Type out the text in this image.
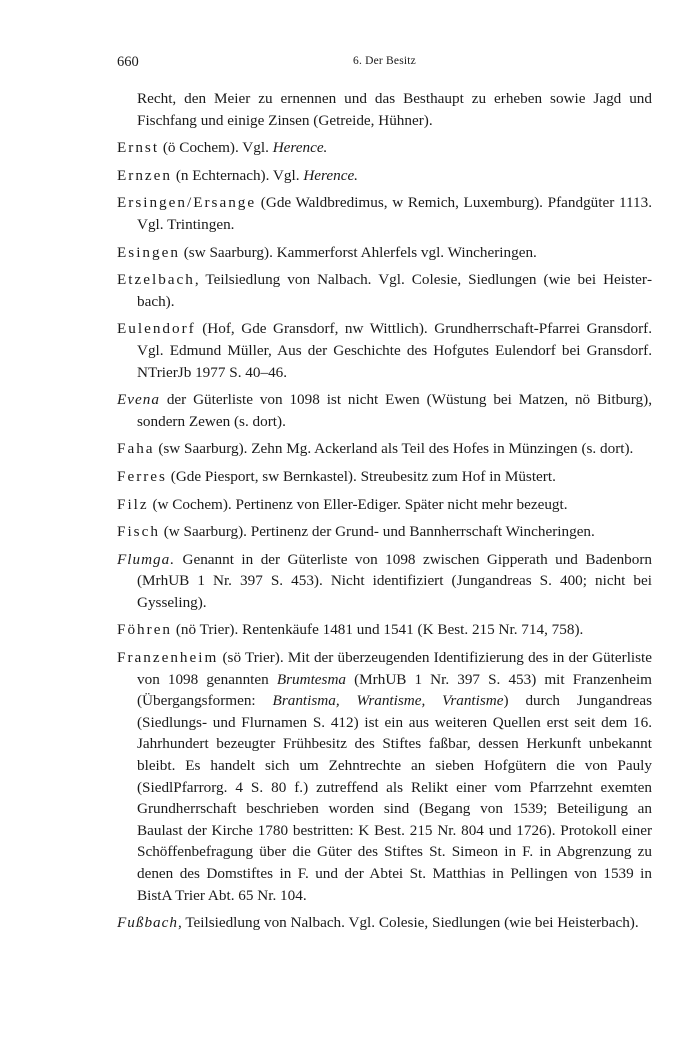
660	6. Der Besitz

Recht, den Meier zu ernennen und das Besthaupt zu erheben sowie Jagd und Fischfang und einige Zinsen (Getreide, Hühner).

Ernst (ö Cochem). Vgl. Herence.

Ernzen (n Echternach). Vgl. Herence.

Ersingen/Ersange (Gde Waldbredimus, w Remich, Luxemburg). Pfandgüter 1113. Vgl. Trintingen.

Esingen (sw Saarburg). Kammerforst Ahlerfels vgl. Wincheringen.

Etzelbach, Teilsiedlung von Nalbach. Vgl. Colesie, Siedlungen (wie bei Heisterbach).

Eulendorf (Hof, Gde Gransdorf, nw Wittlich). Grundherrschaft-Pfarrei Gransdorf. Vgl. Edmund Müller, Aus der Geschichte des Hofgutes Eulendorf bei Gransdorf. NTrierJb 1977 S. 40–46.

Evena der Güterliste von 1098 ist nicht Ewen (Wüstung bei Matzen, nö Bitburg), sondern Zewen (s. dort).

Faha (sw Saarburg). Zehn Mg. Ackerland als Teil des Hofes in Münzingen (s. dort).

Ferres (Gde Piesport, sw Bernkastel). Streubesitz zum Hof in Müstert.

Filz (w Cochem). Pertinenz von Eller-Ediger. Später nicht mehr bezeugt.

Fisch (w Saarburg). Pertinenz der Grund- und Bannherrschaft Wincheringen.

Flumga. Genannt in der Güterliste von 1098 zwischen Gipperath und Badenborn (MrhUB 1 Nr. 397 S. 453). Nicht identifiziert (Jungandreas S. 400; nicht bei Gysseling).

Föhren (nö Trier). Rentenkäufe 1481 und 1541 (K Best. 215 Nr. 714, 758).

Franzenheim (sö Trier). Mit der überzeugenden Identifizierung des in der Güterliste von 1098 genannten Brumtesma (MrhUB 1 Nr. 397 S. 453) mit Franzenheim (Übergangsformen: Brantisma, Wrantisme, Vrantisme) durch Jungandreas (Siedlungs- und Flurnamen S. 412) ist ein aus weiteren Quellen erst seit dem 16. Jahrhundert bezeugter Frühbesitz des Stiftes faßbar, dessen Herkunft unbekannt bleibt. Es handelt sich um Zehntrechte an sieben Hofgütern die von Pauly (SiedlPfarrorg. 4 S. 80 f.) zutreffend als Relikt einer vom Pfarrzehnt exemten Grundherrschaft beschrieben worden sind (Begang von 1539; Beteiligung an Baulast der Kirche 1780 bestritten: K Best. 215 Nr. 804 und 1726). Protokoll einer Schöffenbefragung über die Güter des Stiftes St. Simeon in F. in Abgrenzung zu denen des Domstiftes in F. und der Abtei St. Matthias in Pellingen von 1539 in BistA Trier Abt. 65 Nr. 104.

Fußbach, Teilsiedlung von Nalbach. Vgl. Colesie, Siedlungen (wie bei Heisterbach).
